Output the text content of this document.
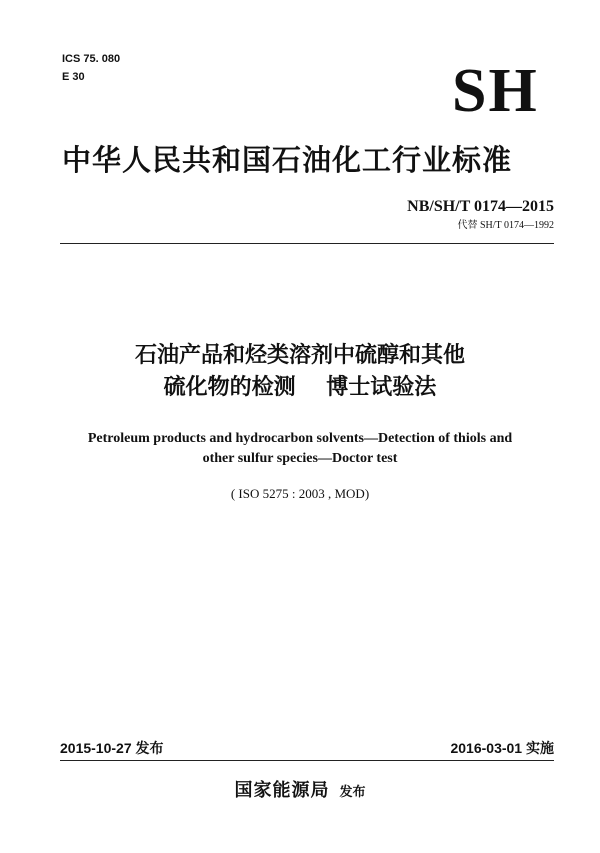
ICS 75. 080
E 30	SH
中华人民共和国石油化工行业标准
NB/SH/T 0174—2015
代替 SH/T 0174—1992
石油产品和烃类溶剂中硫醇和其他
硫化物的检测    博士试验法
Petroleum products and hydrocarbon solvents—Detection of thiols and
other sulfur species—Doctor test
( ISO 5275 : 2003 , MOD)
2015-10-27 发布	2016-03-01 实施
国家能源局 发布
